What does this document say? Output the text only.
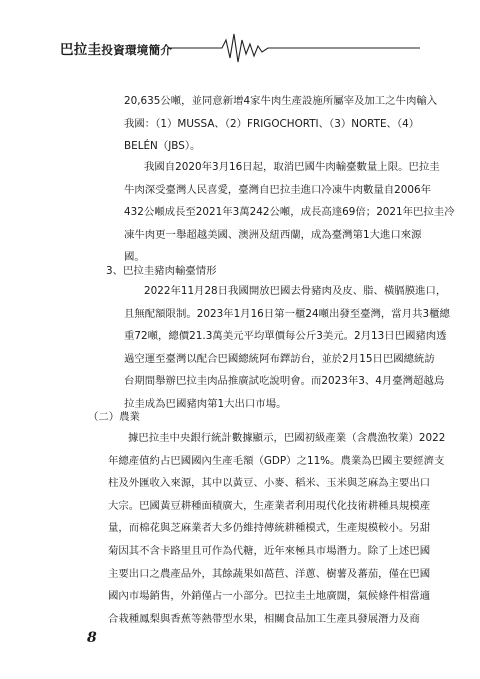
巴拉圭投資環境簡介
20,635公噸，並同意新增4家牛肉生產設施所屬宰及加工之牛肉輸入
我國：（1）MUSSA、（2）FRIGOCHORTI、（3）NORTE、（4）
BELÉN（JBS）。
我國自2020年3月16日起，取消巴國牛肉輸臺數量上限。巴拉圭
牛肉深受臺灣人民喜愛，臺灣自巴拉圭進口冷凍牛肉數量自2006年
432公噸成長至2021年3萬242公噸，成長高達69倍；2021年巴拉圭冷
凍牛肉更一舉超越美國、澳洲及紐西蘭，成為臺灣第1大進口來源
國。
3、巴拉圭豬肉輸臺情形
2022年11月28日我國開放巴國去骨豬肉及皮、脂、橫膈膜進口，
且無配額限制。2023年1月16日第一櫃24噸出發至臺灣，當月共3櫃總
重72噸，總價21.3萬美元平均單價每公斤3美元。2月13日巴國豬肉透
過空運至臺灣以配合巴國總統阿布鐸訪台，並於2月15日巴國總統訪
台期間舉辦巴拉圭肉品推廣試吃說明會。而2023年3、4月臺灣超越烏
拉圭成為巴國豬肉第1大出口市場。
（二）農業
據巴拉圭中央銀行統計數據顯示，巴國初級產業（含農漁牧業）2022
年總產值約占巴國國內生產毛額（GDP）之11%。農業為巴國主要經濟支
柱及外匯收入來源，其中以黃豆、小麥、稻米、玉米與芝麻為主要出口
大宗。巴國黃豆耕種面積廣大，生產業者利用現代化技術耕種具規模產
量，而棉花與芝麻業者大多仍維持傳統耕種模式，生產規模較小。另甜
菊因其不含卡路里且可作為代糖，近年來極具市場潛力。除了上述巴國
主要出口之農產品外，其餘蔬果如萵苣、洋蔥、樹薯及蕃茄，僅在巴國
國內市場銷售，外銷僅占一小部分。巴拉圭土地廣闊，氣候條件相當適
合栽種鳳梨與香蕉等熱帶型水果，相關食品加工生產具發展潛力及商
8
